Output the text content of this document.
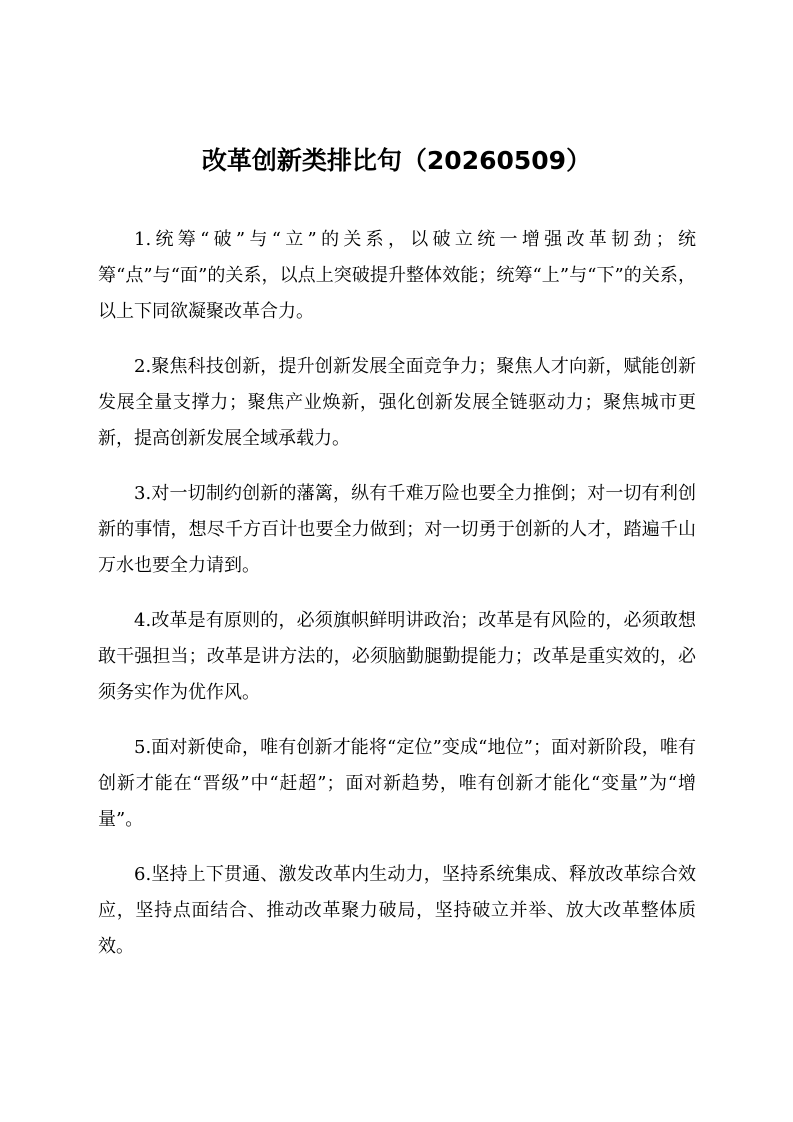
改革创新类排比句（20260509）

1.统筹“破”与“立”的关系，以破立统一增强改革韧劲；统筹“点”与“面”的关系，以点上突破提升整体效能；统筹“上”与“下”的关系，以上下同欲凝聚改革合力。

2.聚焦科技创新，提升创新发展全面竞争力；聚焦人才向新，赋能创新发展全量支撑力；聚焦产业焕新，强化创新发展全链驱动力；聚焦城市更新，提高创新发展全域承载力。

3.对一切制约创新的藩篱，纵有千难万险也要全力推倒；对一切有利创新的事情，想尽千方百计也要全力做到；对一切勇于创新的人才，踏遍千山万水也要全力请到。

4.改革是有原则的，必须旗帜鲜明讲政治；改革是有风险的，必须敢想敢干强担当；改革是讲方法的，必须脑勤腿勤提能力；改革是重实效的，必须务实作为优作风。

5.面对新使命，唯有创新才能将“定位”变成“地位”；面对新阶段，唯有创新才能在“晋级”中“赶超”；面对新趋势，唯有创新才能化“变量”为“增量”。

6.坚持上下贯通、激发改革内生动力，坚持系统集成、释放改革综合效应，坚持点面结合、推动改革聚力破局，坚持破立并举、放大改革整体质效。
